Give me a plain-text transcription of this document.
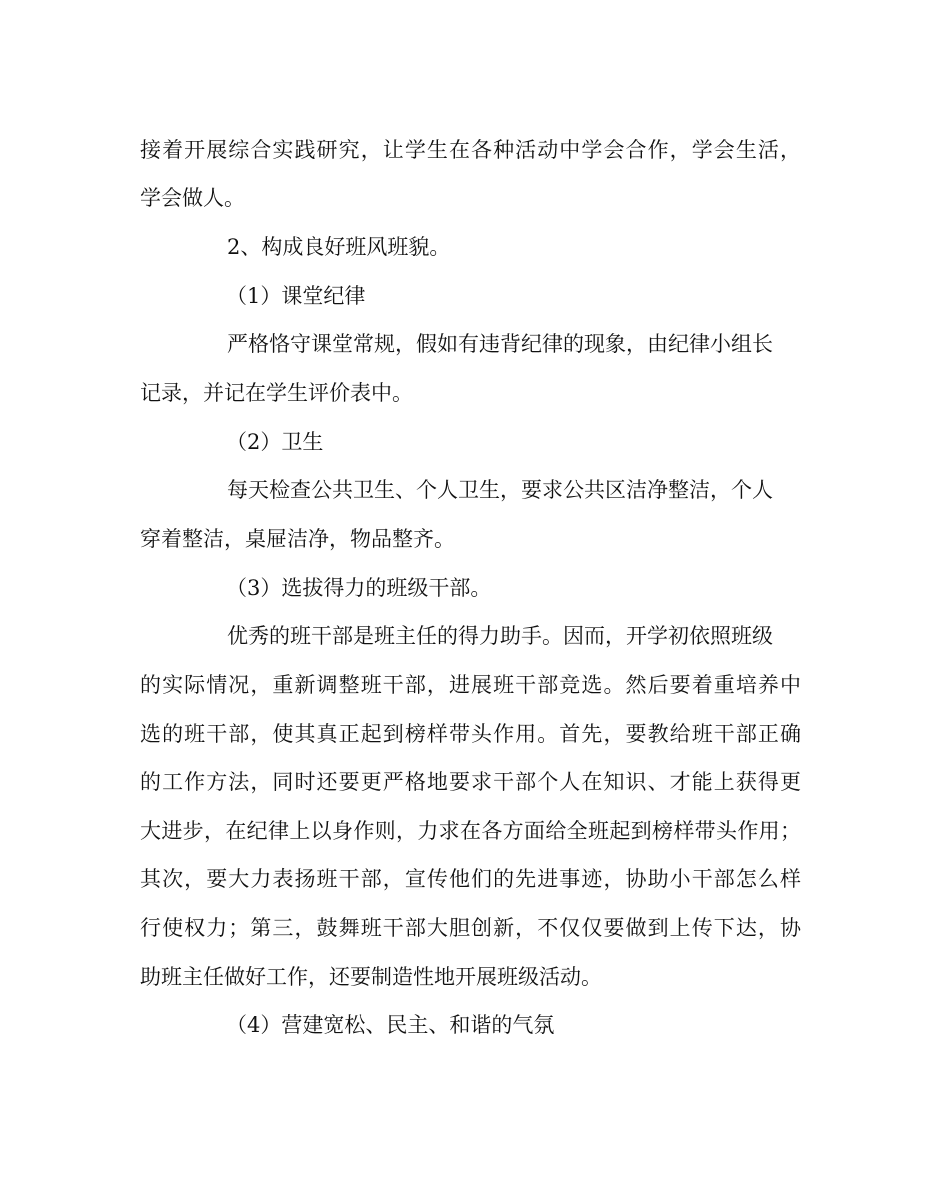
接着开展综合实践研究，让学生在各种活动中学会合作，学会生活，
学会做人。
2、构成良好班风班貌。
（1）课堂纪律
严格恪守课堂常规，假如有违背纪律的现象，由纪律小组长
记录，并记在学生评价表中。
（2）卫生
每天检查公共卫生、个人卫生，要求公共区洁净整洁，个人
穿着整洁，桌屉洁净，物品整齐。
（3）选拔得力的班级干部。
优秀的班干部是班主任的得力助手。因而，开学初依照班级
的实际情况，重新调整班干部，进展班干部竞选。然后要着重培养中
选的班干部，使其真正起到榜样带头作用。首先，要教给班干部正确
的工作方法，同时还要更严格地要求干部个人在知识、才能上获得更
大进步，在纪律上以身作则，力求在各方面给全班起到榜样带头作用；
其次，要大力表扬班干部，宣传他们的先进事迹，协助小干部怎么样
行使权力；第三，鼓舞班干部大胆创新，不仅仅要做到上传下达，协
助班主任做好工作，还要制造性地开展班级活动。
（4）营建宽松、民主、和谐的气氛
